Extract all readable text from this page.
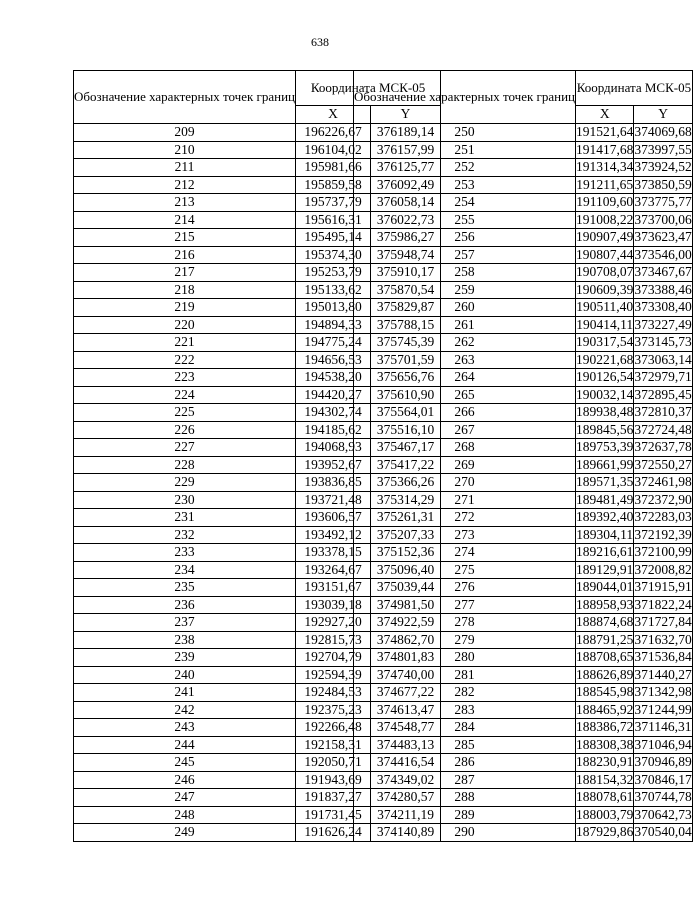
638
Обозначение характерных точек границ	Координата МСК-05	
	X	Y
209	196226,67	376189,14
210	196104,02	376157,99
211	195981,66	376125,77
212	195859,58	376092,49
213	195737,79	376058,14
214	195616,31	376022,73
215	195495,14	375986,27
216	195374,30	375948,74
217	195253,79	375910,17
218	195133,62	375870,54
219	195013,80	375829,87
220	194894,33	375788,15
221	194775,24	375745,39
222	194656,53	375701,59
223	194538,20	375656,76
224	194420,27	375610,90
225	194302,74	375564,01
226	194185,62	375516,10
227	194068,93	375467,17
228	193952,67	375417,22
229	193836,85	375366,26
230	193721,48	375314,29
231	193606,57	375261,31
232	193492,12	375207,33
233	193378,15	375152,36
234	193264,67	375096,40
235	193151,67	375039,44
236	193039,18	374981,50
237	192927,20	374922,59
238	192815,73	374862,70
239	192704,79	374801,83
240	192594,39	374740,00
241	192484,53	374677,22
242	192375,23	374613,47
243	192266,48	374548,77
244	192158,31	374483,13
245	192050,71	374416,54
246	191943,69	374349,02
247	191837,27	374280,57
248	191731,45	374211,19
249	191626,24	374140,89
Обозначение характерных точек границ	Координата МСК-05	
	X	Y
250	191521,64	374069,68
251	191417,68	373997,55
252	191314,34	373924,52
253	191211,65	373850,59
254	191109,60	373775,77
255	191008,22	373700,06
256	190907,49	373623,47
257	190807,44	373546,00
258	190708,07	373467,67
259	190609,39	373388,46
260	190511,40	373308,40
261	190414,11	373227,49
262	190317,54	373145,73
263	190221,68	373063,14
264	190126,54	372979,71
265	190032,14	372895,45
266	189938,48	372810,37
267	189845,56	372724,48
268	189753,39	372637,78
269	189661,99	372550,27
270	189571,35	372461,98
271	189481,49	372372,90
272	189392,40	372283,03
273	189304,11	372192,39
274	189216,61	372100,99
275	189129,91	372008,82
276	189044,01	371915,91
277	188958,93	371822,24
278	188874,68	371727,84
279	188791,25	371632,70
280	188708,65	371536,84
281	188626,89	371440,27
282	188545,98	371342,98
283	188465,92	371244,99
284	188386,72	371146,31
285	188308,38	371046,94
286	188230,91	370946,89
287	188154,32	370846,17
288	188078,61	370744,78
289	188003,79	370642,73
290	187929,86	370540,04
